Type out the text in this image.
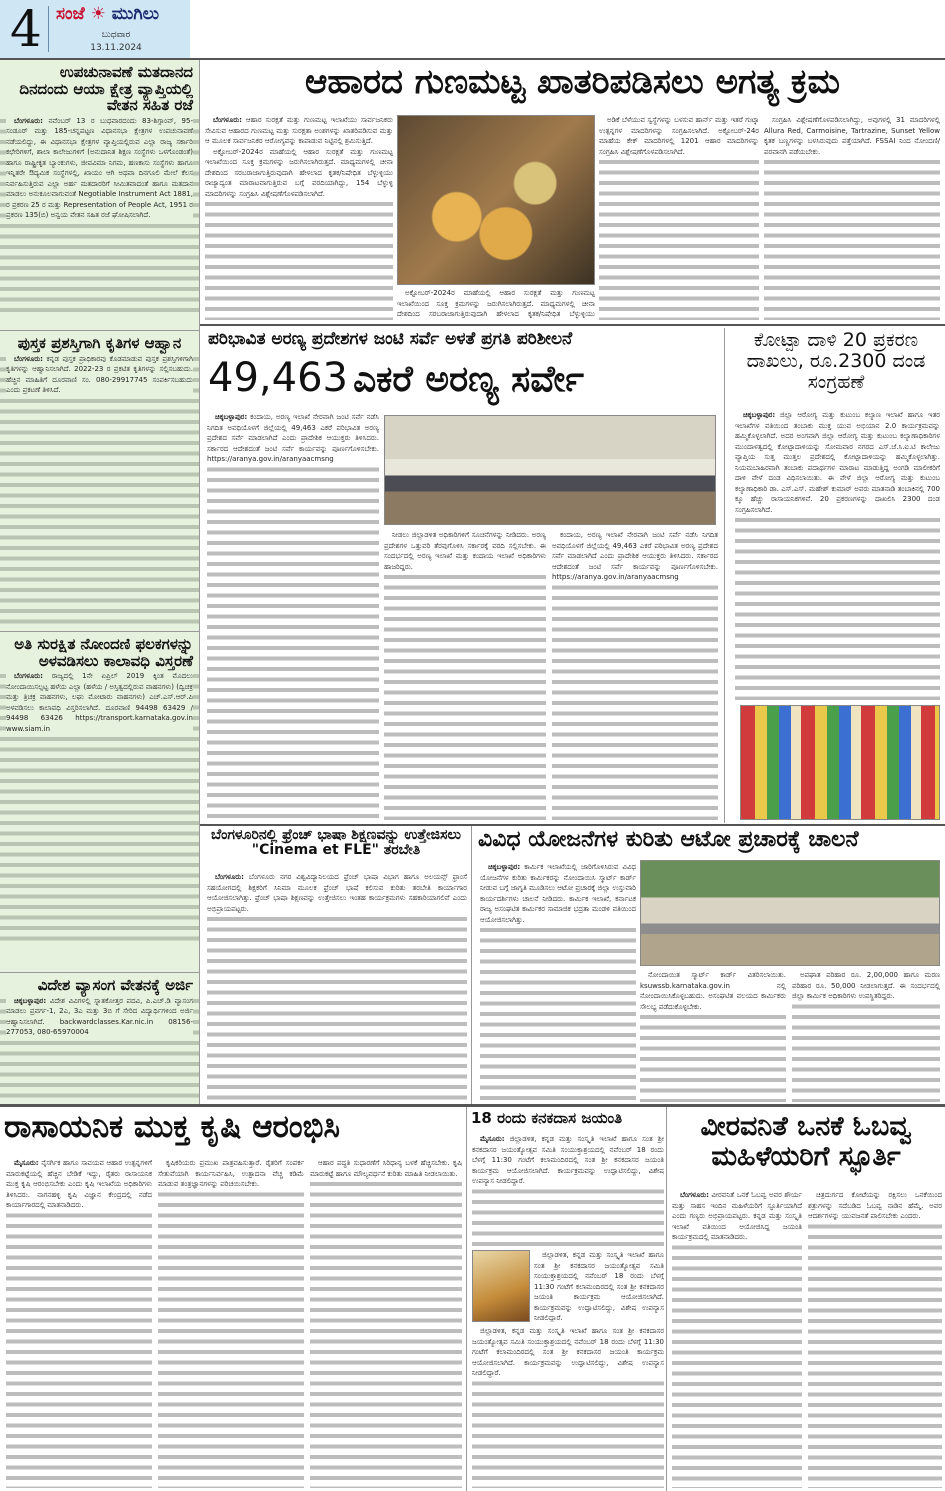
4 ಸಂಜೆ ☀ ಮುಗಿಲು
ಬುಧವಾರ
13.11.2024
ಉಪಚುನಾವಣೆ ಮತದಾನದ ದಿನದಂದು ಆಯಾ ಕ್ಷೇತ್ರ ವ್ಯಾಪ್ತಿಯಲ್ಲಿ ವೇತನ ಸಹಿತ ರಜೆ

ಬೆಂಗಳೂರು: ನವೆಂಬರ್ 13 ರ ಬುಧವಾರದಂದು 83-ಶಿಗ್ಗಾಂವ್, 95-ಸಂಡೂರ್ ಮತ್ತು 185-ಚನ್ನಪಟ್ಟಣ ವಿಧಾನಸಭಾ ಕ್ಷೇತ್ರಗಳ ಉಪಚುನಾವಣೆ ನಡೆಯಲಿದ್ದು, ಈ ವಿಧಾನಸಭಾ ಕ್ಷೇತ್ರಗಳ ವ್ಯಾಪ್ತಿಯಲ್ಲಿರುವ ಎಲ್ಲಾ ರಾಜ್ಯ ಸರ್ಕಾರಿ ಕಛೇರಿಗಳಿಗೆ, ಶಾಲಾ ಕಾಲೇಜುಗಳಿಗೆ (ಅನುದಾನಿತ ಶಿಕ್ಷಣ ಸಂಸ್ಥೆಗಳು ಒಳಗೊಂಡಂತೆ) ಹಾಗೂ ರಾಷ್ಟ್ರೀಕೃತ ಬ್ಯಾಂಕುಗಳು, ಜೀವವಿಮಾ ನಿಗಮ, ಹಣಕಾಸು ಸಂಸ್ಥೆಗಳು ಹಾಗೂ ಇನ್ನಿತರೇ ಔದ್ಯಮಿಕ ಸಂಸ್ಥೆಗಳಲ್ಲಿ, ಖಾಯಂ ಆಗಿ ಅಥವಾ ದಿನಗೂಲಿ ಮೇಲೆ ಕೆಲಸ ನಿರ್ವಹಿಸುತ್ತಿರುವ ಎಲ್ಲಾ ಅರ್ಹ ಮತದಾರರಿಗೆ ಸೀಮಿತವಾದಂತೆ ಹಾಗೂ ಮತದಾನ ಮಾಡಲು ಅನುಕೂಲವಾಗುವಂತೆ Negotiable Instrument Act 1881, ರ ಪ್ರಕರಣ 25 ರ ಮತ್ತು Representation of People Act, 1951 ರ ಪ್ರಕರಣ 135(ಬಿ) ಅನ್ವಯ ವೇತನ ಸಹಿತ ರಜೆ ಘೋಷಿಸಲಾಗಿದೆ.

ಪುಸ್ತಕ ಪ್ರಶಸ್ತಿಗಾಗಿ ಕೃತಿಗಳ ಆಹ್ವಾನ

ಬೆಂಗಳೂರು: ಕನ್ನಡ ಪುಸ್ತಕ ಪ್ರಾಧಿಕಾರವು ಕೊಡಮಾಡುವ ಪುಸ್ತಕ ಪ್ರಶಸ್ತಿಗಳಿಗಾಗಿ ಕೃತಿಗಳನ್ನು ಆಹ್ವಾನಿಸಲಾಗಿದೆ. 2022-23 ರ ಪ್ರಕಟಿತ ಕೃತಿಗಳನ್ನು ಸಲ್ಲಿಸಬಹುದು. ಹೆಚ್ಚಿನ ಮಾಹಿತಿಗೆ ದೂರವಾಣಿ ಸಂ. 080-29917745 ಸಂಪರ್ಕಿಸಬಹುದು ಎಂದು ಪ್ರಕಟಣೆ ತಿಳಿಸಿದೆ.

ಅತಿ ಸುರಕ್ಷಿತ ನೋಂದಣಿ ಫಲಕಗಳನ್ನು ಅಳವಡಿಸಲು ಕಾಲಾವಧಿ ವಿಸ್ತರಣೆ

ಬೆಂಗಳೂರು: ರಾಜ್ಯದಲ್ಲಿ 1ನೇ ಏಪ್ರಿಲ್ 2019 ಕ್ಕಿಂತ ಮೊದಲು ನೋಂದಾಯಿಸಲ್ಪಟ್ಟ ಹಳೆಯ ಎಲ್ಲಾ (ಹಳೆಯ / ಅಸ್ತಿತ್ವದಲ್ಲಿರುವ ವಾಹನಗಳು) (ದ್ವಿಚಕ್ರ ಮತ್ತು ತ್ರಿಚಕ್ರ ವಾಹನಗಳು, ಲಘು ಮೋಟಾರು ವಾಹನಗಳು) ಎಚ್.ಎಸ್.ಆರ್.ಪಿ ಅಳವಡಿಸಲು ಕಾಲಾವಧಿ ವಿಸ್ತರಿಸಲಾಗಿದೆ. ದೂರವಾಣಿ 94498 63429 / 94498 63426 https://transport.karnataka.gov.in www.siam.in

ವಿದೇಶ ವ್ಯಾಸಂಗ ವೇತನಕ್ಕೆ ಅರ್ಜಿ

ಚಿಕ್ಕಬಳ್ಳಾಪುರ: ವಿದೇಶ ವಿವಿಗಳಲ್ಲಿ ಸ್ನಾತಕೋತ್ತರ ಪದವಿ, ಪಿ.ಎಚ್.ಡಿ ವ್ಯಾಸಂಗ ಮಾಡಲು ಪ್ರವರ್ಗ-1, 2ಎ, 3ಎ ಮತ್ತು 3ಬಿ ಗೆ ಸೇರಿದ ವಿದ್ಯಾರ್ಥಿಗಳಿಂದ ಅರ್ಜಿ ಆಹ್ವಾನಿಸಲಾಗಿದೆ. backwardclasses.Kar.nic.in 08156-277053, 080-65970004

ಆಹಾರದ ಗುಣಮಟ್ಟ ಖಾತರಿಪಡಿಸಲು ಅಗತ್ಯ ಕ್ರಮ

ಬೆಂಗಳೂರು: ಆಹಾರ ಸುರಕ್ಷತೆ ಮತ್ತು ಗುಣಮಟ್ಟ ಇಲಾಖೆಯು ಸಾರ್ವಜನಿಕರು ಸೇವಿಸುವ ಆಹಾರದ ಗುಣಮಟ್ಟ ಮತ್ತು ಸುರಕ್ಷತಾ ಅಂಶಗಳನ್ನು ಖಾತರಿಪಡಿಸುವ ಮತ್ತು ಆ ಮೂಲಕ ಸಾರ್ವಜನಿಕರ ಆರೋಗ್ಯವನ್ನು ಕಾಪಾಡುವ ನಿಟ್ಟಿನಲ್ಲಿ ಶ್ರಮಿಸುತ್ತಿದೆ.

ಅಕ್ಟೋಬರ್-2024ರ ಮಾಹೆಯಲ್ಲಿ ಆಹಾರ ಸುರಕ್ಷತೆ ಮತ್ತು ಗುಣಮಟ್ಟ ಇಲಾಖೆಯಿಂದ ಸೂಕ್ತ ಕ್ರಮಗಳನ್ನು ಜರುಗಿಸಲಾಗಿರುತ್ತದೆ. ಮಾಧ್ಯಮಗಳಲ್ಲಿ ಚೀನಾ ದೇಶದಿಂದ ಸರಬರಾಜಾಗುತ್ತಿರುವುದಾಗಿ ಹೇಳಲಾದ ಕೃತಕ/ನಿಷೇಧಿತ ಬೆಳ್ಳುಳ್ಳಿಯು ರಾಜ್ಯಾದ್ಯಂತ ಮಾರಾಟವಾಗುತ್ತಿರುವ ಬಗ್ಗೆ ವರದಿಯಾಗಿದ್ದು, 154 ಬೆಳ್ಳುಳ್ಳಿ ಮಾದರಿಗಳನ್ನು ಸಂಗ್ರಹಿಸಿ ವಿಶ್ಲೇಷಣೆಗೊಳಪಡಿಸಲಾಗಿದೆ.

ಅಕ್ಟೋಬರ್-2024ರ ಮಾಹೆಯಲ್ಲಿ ಆಹಾರ ಸುರಕ್ಷತೆ ಮತ್ತು ಗುಣಮಟ್ಟ ಇಲಾಖೆಯಿಂದ ಸೂಕ್ತ ಕ್ರಮಗಳನ್ನು ಜರುಗಿಸಲಾಗಿರುತ್ತದೆ. ಮಾಧ್ಯಮಗಳಲ್ಲಿ ಚೀನಾ ದೇಶದಿಂದ ಸರಬರಾಜಾಗುತ್ತಿರುವುದಾಗಿ ಹೇಳಲಾದ ಕೃತಕ/ನಿಷೇಧಿತ ಬೆಳ್ಳುಳ್ಳಿಯು

ಅಡಿಕೆ ಬೆಳೆಯುವ ಸ್ವಸ್ಥೆಗಳನ್ನು ಬಳಸುವ ಹಾರ್ನ್ ಮತ್ತು ಇತರೆ ಗುಟ್ಕಾ ಉತ್ಪನ್ನಗಳ ಮಾದರಿಗಳನ್ನು ಸಂಗ್ರಹಿಸಲಾಗಿದೆ. ಅಕ್ಟೋಬರ್-24ರ ಮಾಹೆಯ ಕೇಕ್ ಮಾದರಿಗಳಲ್ಲಿ 1201 ಆಹಾರ ಮಾದರಿಗಳನ್ನು ಸಂಗ್ರಹಿಸಿ ವಿಶ್ಲೇಷಣೆಗೊಳಪಡಿಸಲಾಗಿದೆ.

ಸಂಗ್ರಹಿಸಿ ವಿಶ್ಲೇಷಣೆಗೊಳಪಡಿಸಲಾಗಿದ್ದು, ಅವುಗಳಲ್ಲಿ 31 ಮಾದರಿಗಳಲ್ಲಿ Allura Red, Carmoisine, Tartrazine, Sunset Yellow ಕೃತಕ ಬಣ್ಣಗಳನ್ನು ಬಳಸಿರುವುದು ಪತ್ತೆಯಾಗಿದೆ. FSSAI ನಿಂದ ನೋಂದಣಿ/ಪರವಾನಗಿ ಪಡೆಯಬೇಕು.

ಪರಿಭಾವಿತ ಅರಣ್ಯ ಪ್ರದೇಶಗಳ ಜಂಟಿ ಸರ್ವೆ ಅಳತೆ ಪ್ರಗತಿ ಪರಿಶೀಲನೆ
49,463 ಎಕರೆ ಅರಣ್ಯ ಸರ್ವೇ

ಚಿಕ್ಕಬಳ್ಳಾಪುರ: ಕಂದಾಯ, ಅರಣ್ಯ ಇಲಾಖೆ ನೇರವಾಗಿ ಜಂಟಿ ಸರ್ವೆ ನಡೆಸಿ ನಿಗದಿತ ಅವಧಿಯೊಳಗೆ ಜಿಲ್ಲೆಯಲ್ಲಿ 49,463 ಎಕರೆ ಪರಿಭಾವಿತ ಅರಣ್ಯ ಪ್ರದೇಶದ ಸರ್ವೆ ಮಾಡಲಾಗಿದೆ ಎಂದು ಪ್ರಾದೇಶಿಕ ಆಯುಕ್ತರು ತಿಳಿಸಿದರು. ಸರ್ಕಾರದ ಆದೇಶದಂತೆ ಜಂಟಿ ಸರ್ವೆ ಕಾರ್ಯವನ್ನು ಪೂರ್ಣಗೊಳಿಸಬೇಕು. https://aranya.gov.in/aranyaacmsng

ನೀಡಲು ಜಿಲ್ಲಾಡಳಿತ ಅಧಿಕಾರಿಗಳಿಗೆ ಸೂಚನೆಗಳನ್ನು ನೀಡಿದರು. ಅರಣ್ಯ ಪ್ರದೇಶಗಳ ಒತ್ತುವರಿ ತೆರವುಗೊಳಿಸಿ ಸರ್ಕಾರಕ್ಕೆ ವರದಿ ಸಲ್ಲಿಸಬೇಕು. ಈ ಸಂದರ್ಭದಲ್ಲಿ ಅರಣ್ಯ ಇಲಾಖೆ ಮತ್ತು ಕಂದಾಯ ಇಲಾಖೆ ಅಧಿಕಾರಿಗಳು ಹಾಜರಿದ್ದರು.

ಕಂದಾಯ, ಅರಣ್ಯ ಇಲಾಖೆ ನೇರವಾಗಿ ಜಂಟಿ ಸರ್ವೆ ನಡೆಸಿ ನಿಗದಿತ ಅವಧಿಯೊಳಗೆ ಜಿಲ್ಲೆಯಲ್ಲಿ 49,463 ಎಕರೆ ಪರಿಭಾವಿತ ಅರಣ್ಯ ಪ್ರದೇಶದ ಸರ್ವೆ ಮಾಡಲಾಗಿದೆ ಎಂದು ಪ್ರಾದೇಶಿಕ ಆಯುಕ್ತರು ತಿಳಿಸಿದರು. ಸರ್ಕಾರದ ಆದೇಶದಂತೆ ಜಂಟಿ ಸರ್ವೆ ಕಾರ್ಯವನ್ನು ಪೂರ್ಣಗೊಳಿಸಬೇಕು. https://aranya.gov.in/aranyaacmsng

ಕೋಟ್ಪಾ ದಾಳಿ 20 ಪ್ರಕರಣ ದಾಖಲು, ರೂ.2300 ದಂಡ ಸಂಗ್ರಹಣೆ

ಚಿಕ್ಕಬಳ್ಳಾಪುರ: ಜಿಲ್ಲಾ ಆರೋಗ್ಯ ಮತ್ತು ಕುಟುಂಬ ಕಲ್ಯಾಣ ಇಲಾಖೆ ಹಾಗೂ ಇತರ ಇಲಾಖೆಗಳ ವತಿಯಿಂದ ತಂಬಾಕು ಮುಕ್ತ ಯುವ ಅಭಿಯಾನ 2.0 ಕಾರ್ಯಕ್ರಮವನ್ನು ಹಮ್ಮಿಕೊಳ್ಳಲಾಗಿದೆ. ಅದರ ಅಂಗವಾಗಿ ಜಿಲ್ಲಾ ಆರೋಗ್ಯ ಮತ್ತು ಕುಟುಂಬ ಕಲ್ಯಾಣಾಧಿಕಾರಿಗಳ ಮುಂದಾಳತ್ವದಲ್ಲಿ ಕೋಟ್ಪಾದಾಳಿಯನ್ನು ಸೋಮವಾರ ನಗರದ ಎಸ್.ಜೆ.ಸಿ.ಐ.ಟಿ ಕಾಲೇಜು ವ್ಯಾಪ್ತಿಯ ಸುತ್ತ ಮುತ್ತಲ ಪ್ರದೇಶದಲ್ಲಿ ಕೋಟ್ಪಾದಾಳಿಯನ್ನು ಹಮ್ಮಿಕೊಳ್ಳಲಾಗಿತ್ತು. ನಿಯಮಬಾಹಿರವಾಗಿ ತಂಬಾಕು ಪದಾರ್ಥಗಳ ಮಾರಾಟ ಮಾಡುತ್ತಿದ್ದ ಅಂಗಡಿ ಮಾಲೀಕರಿಗೆ ದಾಳಿ ವೇಳೆ ದಂಡ ವಿಧಿಸಲಾಯಿತು. ಈ ವೇಳೆ ಜಿಲ್ಲಾ ಆರೋಗ್ಯ ಮತ್ತು ಕುಟುಂಬ ಕಲ್ಯಾಣಾಧಿಕಾರಿ ಡಾ. ಎಸ್.ಎಸ್. ಮಹೇಶ್ ಕುಮಾರ್ ಅವರು ಮಾತನಾಡಿ ತಂಬಾಕಿನಲ್ಲಿ 700 ಕ್ಕೂ ಹೆಚ್ಚು ರಾಸಾಯನಿಕಗಳಿವೆ. 20 ಪ್ರಕರಣಗಳನ್ನು ದಾಖಲಿಸಿ 2300 ದಂಡ ಸಂಗ್ರಹಿಸಲಾಗಿದೆ.

ಬೆಂಗಳೂರಿನಲ್ಲಿ ಫ್ರೆಂಚ್ ಭಾಷಾ ಶಿಕ್ಷಣವನ್ನು ಉತ್ತೇಜಿಸಲು "Cinema et FLE" ತರಬೇತಿ

ಬೆಂಗಳೂರು: ಬೆಂಗಳೂರು ನಗರ ವಿಶ್ವವಿದ್ಯಾನಿಲಯದ ಫ್ರೆಂಚ್ ಭಾಷಾ ವಿಭಾಗ ಹಾಗೂ ಅಲಯನ್ಸ್ ಫ್ರಾಂಸೆ ಸಹಯೋಗದಲ್ಲಿ ಶಿಕ್ಷಕರಿಗೆ ಸಿನಿಮಾ ಮೂಲಕ ಫ್ರೆಂಚ್ ಭಾಷೆ ಕಲಿಸುವ ಕುರಿತು ತರಬೇತಿ ಕಾರ್ಯಾಗಾರ ಆಯೋಜಿಸಲಾಗಿತ್ತು. ಫ್ರೆಂಚ್ ಭಾಷಾ ಶಿಕ್ಷಣವನ್ನು ಉತ್ತೇಜಿಸಲು ಇಂತಹ ಕಾರ್ಯಕ್ರಮಗಳು ಸಹಕಾರಿಯಾಗಲಿವೆ ಎಂದು ಅಭಿಪ್ರಾಯಪಟ್ಟರು.

ವಿವಿಧ ಯೋಜನೆಗಳ ಕುರಿತು ಆಟೋ ಪ್ರಚಾರಕ್ಕೆ ಚಾಲನೆ

ಚಿಕ್ಕಬಳ್ಳಾಪುರ: ಕಾರ್ಮಿಕ ಇಲಾಖೆಯಲ್ಲಿ ಜಾರಿಗೊಳಿಸಿರುವ ವಿವಿಧ ಯೋಜನೆಗಳ ಕುರಿತು ಕಾರ್ಮಿಕರನ್ನು ನೋಂದಾಯಿಸಿ ಸ್ಮಾರ್ಟ್ ಕಾರ್ಡ್ ನೀಡುವ ಬಗ್ಗೆ ಜಾಗೃತಿ ಮೂಡಿಸಲು ಆಟೋ ಪ್ರಚಾರಕ್ಕೆ ಜಿಲ್ಲಾ ಉಸ್ತುವಾರಿ ಕಾರ್ಯದರ್ಶಿಗಳು ಚಾಲನೆ ನೀಡಿದರು. ಕಾರ್ಮಿಕ ಇಲಾಖೆ, ಕರ್ನಾಟಕ ರಾಜ್ಯ ಅಸಂಘಟಿತ ಕಾರ್ಮಿಕರ ಸಾಮಾಜಿಕ ಭದ್ರತಾ ಮಂಡಳಿ ವತಿಯಿಂದ ಆಯೋಜಿಸಲಾಗಿತ್ತು.

ನೋಂದಾಯಿತ ಸ್ಮಾರ್ಟ್ ಕಾರ್ಡ್ ವಿತರಿಸಲಾಯಿತು. ksuwssb.karnataka.gov.in ನಲ್ಲಿ ನೋಂದಾಯಿಸಿಕೊಳ್ಳಬಹುದು. ಅಸಂಘಟಿತ ವಲಯದ ಕಾರ್ಮಿಕರು ಸೌಲಭ್ಯ ಪಡೆದುಕೊಳ್ಳಬೇಕು.

ಅಪಘಾತ ಪರಿಹಾರ ರೂ. 2,00,000 ಹಾಗೂ ಮರಣ ಪರಿಹಾರ ರೂ. 50,000 ನೀಡಲಾಗುತ್ತದೆ. ಈ ಸಂದರ್ಭದಲ್ಲಿ ಜಿಲ್ಲಾ ಕಾರ್ಮಿಕ ಅಧಿಕಾರಿಗಳು ಉಪಸ್ಥಿತರಿದ್ದರು.

ರಾಸಾಯನಿಕ ಮುಕ್ತ ಕೃಷಿ ಆರಂಭಿಸಿ

ಮೈಸೂರು: ನೈಸರ್ಗಿಕ ಹಾಗೂ ಸಾವಯವ ಆಹಾರ ಉತ್ಪನ್ನಗಳಿಗೆ ಮಾರುಕಟ್ಟೆಯಲ್ಲಿ ಹೆಚ್ಚಿನ ಬೇಡಿಕೆ ಇದ್ದು, ರೈತರು ರಾಸಾಯನಿಕ ಮುಕ್ತ ಕೃಷಿ ಆರಂಭಿಸಬೇಕು ಎಂದು ಕೃಷಿ ಇಲಾಖೆಯ ಅಧಿಕಾರಿಗಳು ತಿಳಿಸಿದರು. ನಾಗನಹಳ್ಳಿ ಕೃಷಿ ವಿಜ್ಞಾನ ಕೇಂದ್ರದಲ್ಲಿ ನಡೆದ ಕಾರ್ಯಾಗಾರದಲ್ಲಿ ಮಾತನಾಡಿದರು.

ಕೃಷಿಕರಿಯರು ಪ್ರಮುಖ ಪಾತ್ರವಹಿಸುತ್ತಾರೆ. ರೈತರಿಗೆ ಸಂಪರ್ಕ ಸೇತುವೆಯಾಗಿ ಕಾರ್ಯನಿರ್ವಹಿಸಿ, ಉತ್ಪಾದನಾ ವೆಚ್ಚ ಕಡಿಮೆ ಮಾಡುವ ತಂತ್ರಜ್ಞಾನಗಳನ್ನು ಪರಿಚಯಿಸಬೇಕು.

ಆಹಾರ ಪದ್ಧತಿ ಸುಧಾರಣೆಗೆ ಸಿರಿಧಾನ್ಯ ಬಳಕೆ ಹೆಚ್ಚಿಸಬೇಕು. ಕೃಷಿ ಮಾರುಕಟ್ಟೆ ಹಾಗೂ ಮೌಲ್ಯವರ್ಧನೆ ಕುರಿತು ಮಾಹಿತಿ ನೀಡಲಾಯಿತು.

18 ರಂದು ಕನಕದಾಸ ಜಯಂತಿ

ಮೈಸೂರು: ಜಿಲ್ಲಾಡಳಿತ, ಕನ್ನಡ ಮತ್ತು ಸಂಸ್ಕೃತಿ ಇಲಾಖೆ ಹಾಗೂ ಸಂತ ಶ್ರೀ ಕನಕದಾಸರ ಜಯಂತ್ಯೋತ್ಸವ ಸಮಿತಿ ಸಂಯುಕ್ತಾಶ್ರಯದಲ್ಲಿ ನವೆಂಬರ್ 18 ರಂದು ಬೆಳಗ್ಗೆ 11:30 ಗಂಟೆಗೆ ಕಲಾಮಂದಿರದಲ್ಲಿ ಸಂತ ಶ್ರೀ ಕನಕದಾಸರ ಜಯಂತಿ ಕಾರ್ಯಕ್ರಮ ಆಯೋಜಿಸಲಾಗಿದೆ. ಕಾರ್ಯಕ್ರಮವನ್ನು ಉದ್ಘಾಟಿಸಲಿದ್ದು, ವಿಶೇಷ ಉಪನ್ಯಾಸ ನೀಡಲಿದ್ದಾರೆ.

ಜಿಲ್ಲಾಡಳಿತ, ಕನ್ನಡ ಮತ್ತು ಸಂಸ್ಕೃತಿ ಇಲಾಖೆ ಹಾಗೂ ಸಂತ ಶ್ರೀ ಕನಕದಾಸರ ಜಯಂತ್ಯೋತ್ಸವ ಸಮಿತಿ ಸಂಯುಕ್ತಾಶ್ರಯದಲ್ಲಿ ನವೆಂಬರ್ 18 ರಂದು ಬೆಳಗ್ಗೆ 11:30 ಗಂಟೆಗೆ ಕಲಾಮಂದಿರದಲ್ಲಿ ಸಂತ ಶ್ರೀ ಕನಕದಾಸರ ಜಯಂತಿ ಕಾರ್ಯಕ್ರಮ ಆಯೋಜಿಸಲಾಗಿದೆ. ಕಾರ್ಯಕ್ರಮವನ್ನು ಉದ್ಘಾಟಿಸಲಿದ್ದು, ವಿಶೇಷ ಉಪನ್ಯಾಸ ನೀಡಲಿದ್ದಾರೆ.

ಜಿಲ್ಲಾಡಳಿತ, ಕನ್ನಡ ಮತ್ತು ಸಂಸ್ಕೃತಿ ಇಲಾಖೆ ಹಾಗೂ ಸಂತ ಶ್ರೀ ಕನಕದಾಸರ ಜಯಂತ್ಯೋತ್ಸವ ಸಮಿತಿ ಸಂಯುಕ್ತಾಶ್ರಯದಲ್ಲಿ ನವೆಂಬರ್ 18 ರಂದು ಬೆಳಗ್ಗೆ 11:30 ಗಂಟೆಗೆ ಕಲಾಮಂದಿರದಲ್ಲಿ ಸಂತ ಶ್ರೀ ಕನಕದಾಸರ ಜಯಂತಿ ಕಾರ್ಯಕ್ರಮ ಆಯೋಜಿಸಲಾಗಿದೆ. ಕಾರ್ಯಕ್ರಮವನ್ನು ಉದ್ಘಾಟಿಸಲಿದ್ದು, ವಿಶೇಷ ಉಪನ್ಯಾಸ ನೀಡಲಿದ್ದಾರೆ.

ವೀರವನಿತೆ ಒನಕೆ ಓಬವ್ವ ಮಹಿಳೆಯರಿಗೆ ಸ್ಫೂರ್ತಿ

ಬೆಂಗಳೂರು: ವೀರವನಿತೆ ಒನಕೆ ಓಬವ್ವ ಅವರ ಶೌರ್ಯ ಮತ್ತು ಸಾಹಸ ಇಂದಿನ ಮಹಿಳೆಯರಿಗೆ ಸ್ಫೂರ್ತಿಯಾಗಿದೆ ಎಂದು ಗಣ್ಯರು ಅಭಿಪ್ರಾಯಪಟ್ಟರು. ಕನ್ನಡ ಮತ್ತು ಸಂಸ್ಕೃತಿ ಇಲಾಖೆ ವತಿಯಿಂದ ಆಯೋಜಿಸಿದ್ದ ಜಯಂತಿ ಕಾರ್ಯಕ್ರಮದಲ್ಲಿ ಮಾತನಾಡಿದರು.

ಚಿತ್ರದುರ್ಗದ ಕೋಟೆಯನ್ನು ರಕ್ಷಿಸಲು ಒನಕೆಯಿಂದ ಶತ್ರುಗಳನ್ನು ಸದೆಬಡಿದ ಓಬವ್ವ ನಾಡಿನ ಹೆಮ್ಮೆ. ಅವರ ಆದರ್ಶಗಳನ್ನು ಯುವಜನತೆ ಪಾಲಿಸಬೇಕು ಎಂದರು.
